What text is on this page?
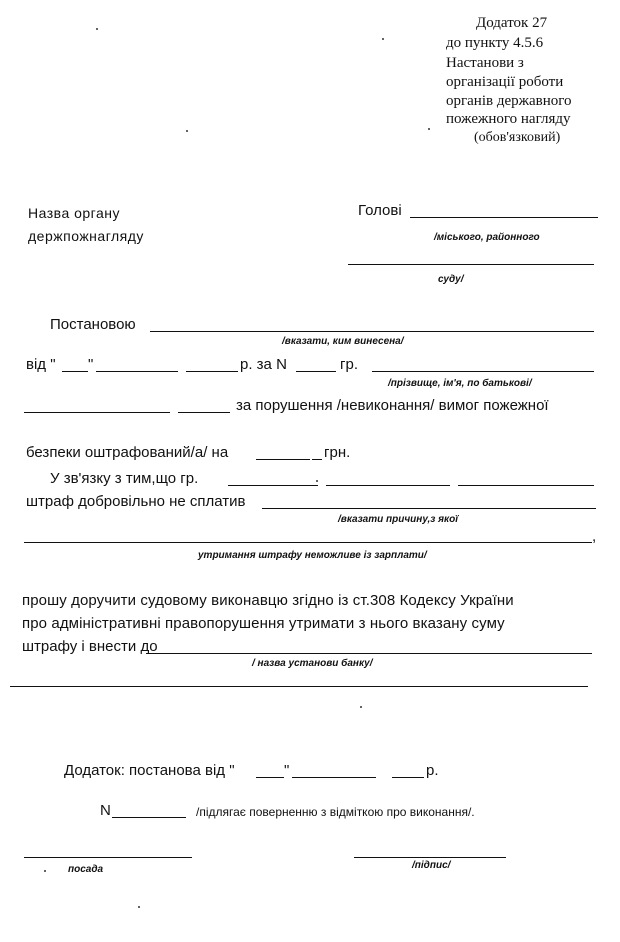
Додаток 27
до пункту 4.5.6
Настанови з
організації роботи
органів державного
пожежного нагляду
(обов'язковий)
Назва органу
держпожнагляду
Голові
/міського, районного
суду/
Постановою
/вказати, ким винесена/
від " "	р. за N	гр.
/прізвище, ім'я, по батькові/
за порушення /невиконання/ вимог пожежної
безпеки оштрафований/а/ на	грн.
У зв'язку з тим,що гр.
штраф добровільно не сплатив
/вказати причину,з якої
,
утримання штрафу неможливе із зарплати/
прошу доручити судовому виконавцю згідно із ст.308 Кодексу України
про адміністративні правопорушення утримати з нього вказану суму
штрафу і внести до
/ назва установи банку/
Додаток: постанова від "	"	р.
N	/підлягає поверненню з відміткою про виконання/.
посада	/підпис/
